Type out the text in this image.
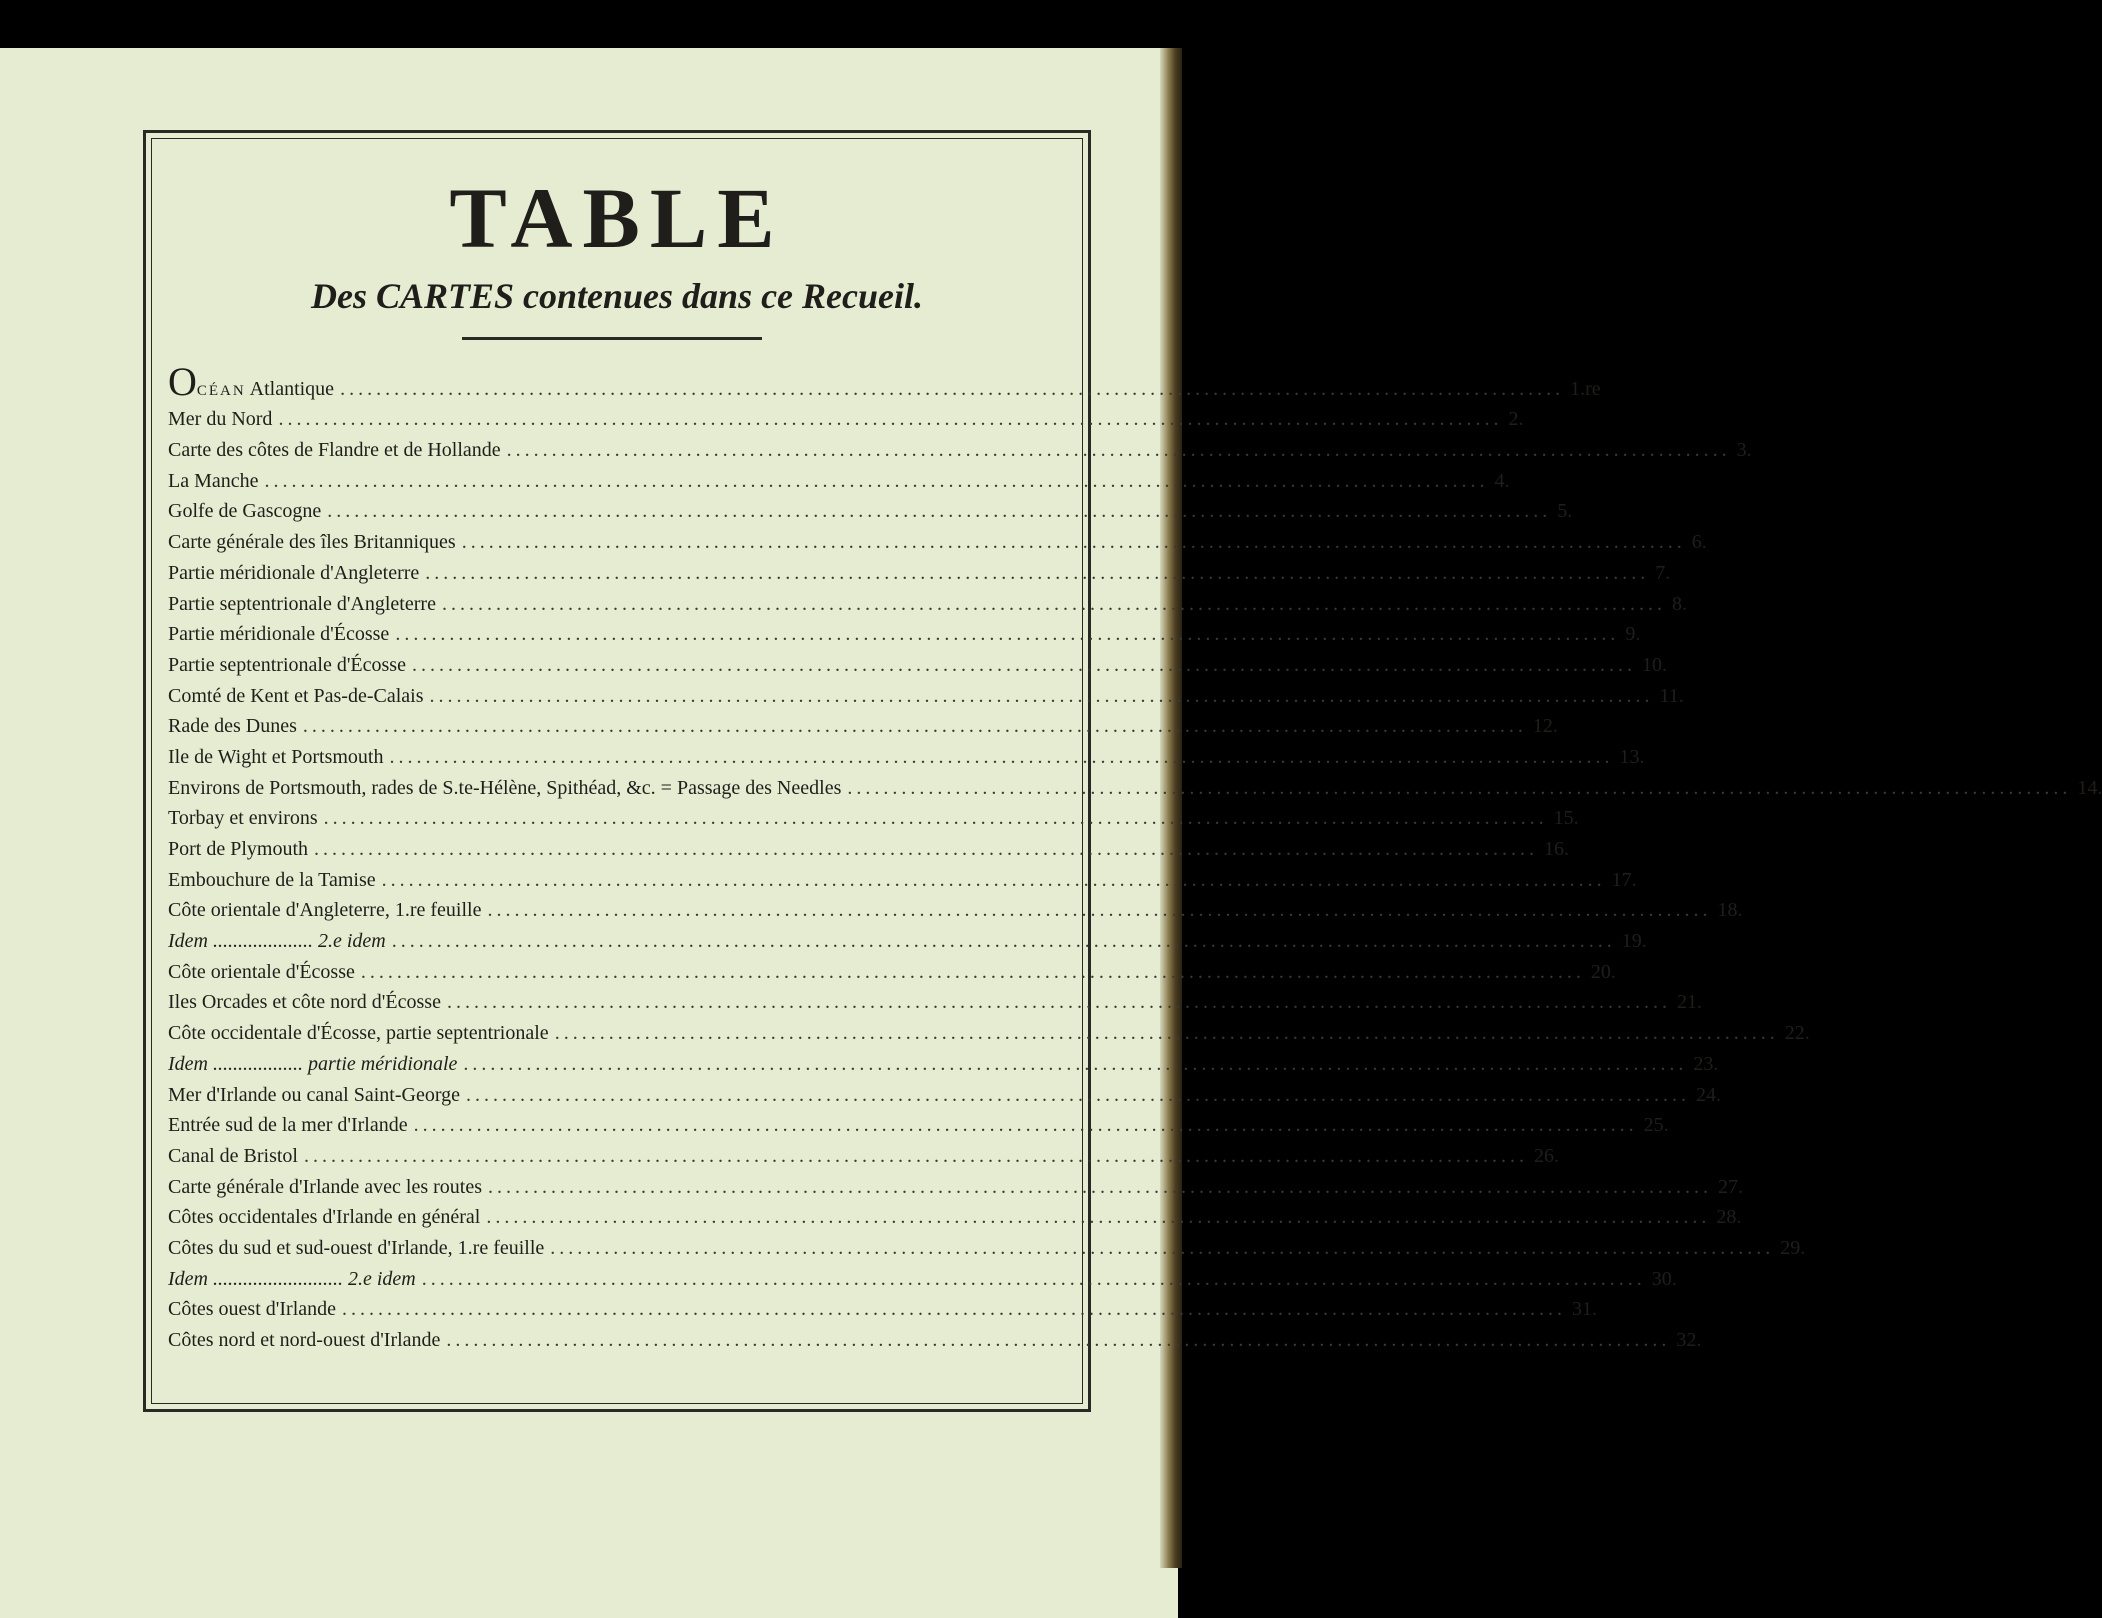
TABLE
Des CARTES contenues dans ce Recueil.
OCÉAN Atlantique ........................................................................................................................................ 1.re
Mer du Nord ........................................................................................................................................ 2.
Carte des côtes de Flandre et de Hollande ........................................................................................................................................ 3.
La Manche ........................................................................................................................................ 4.
Golfe de Gascogne ........................................................................................................................................ 5.
Carte générale des îles Britanniques ........................................................................................................................................ 6.
Partie méridionale d'Angleterre ........................................................................................................................................ 7.
Partie septentrionale d'Angleterre ........................................................................................................................................ 8.
Partie méridionale d'Écosse ........................................................................................................................................ 9.
Partie septentrionale d'Écosse ........................................................................................................................................ 10.
Comté de Kent et Pas-de-Calais ........................................................................................................................................ 11.
Rade des Dunes ........................................................................................................................................ 12.
Ile de Wight et Portsmouth ........................................................................................................................................ 13.
Environs de Portsmouth, rades de S.te-Hélène, Spithéad, &c. = Passage des Needles ........................................................................................................................................ 14.
Torbay et environs ........................................................................................................................................ 15.
Port de Plymouth ........................................................................................................................................ 16.
Embouchure de la Tamise ........................................................................................................................................ 17.
Côte orientale d'Angleterre, 1.re feuille ........................................................................................................................................ 18.
Idem .................... 2.e idem ........................................................................................................................................ 19.
Côte orientale d'Écosse ........................................................................................................................................ 20.
Iles Orcades et côte nord d'Écosse ........................................................................................................................................ 21.
Côte occidentale d'Écosse, partie septentrionale ........................................................................................................................................ 22.
Idem .................. partie méridionale ........................................................................................................................................ 23.
Mer d'Irlande ou canal Saint-George ........................................................................................................................................ 24.
Entrée sud de la mer d'Irlande ........................................................................................................................................ 25.
Canal de Bristol ........................................................................................................................................ 26.
Carte générale d'Irlande avec les routes ........................................................................................................................................ 27.
Côtes occidentales d'Irlande en général ........................................................................................................................................ 28.
Côtes du sud et sud-ouest d'Irlande, 1.re feuille ........................................................................................................................................ 29.
Idem .......................... 2.e idem ........................................................................................................................................ 30.
Côtes ouest d'Irlande ........................................................................................................................................ 31.
Côtes nord et nord-ouest d'Irlande ........................................................................................................................................ 32.
